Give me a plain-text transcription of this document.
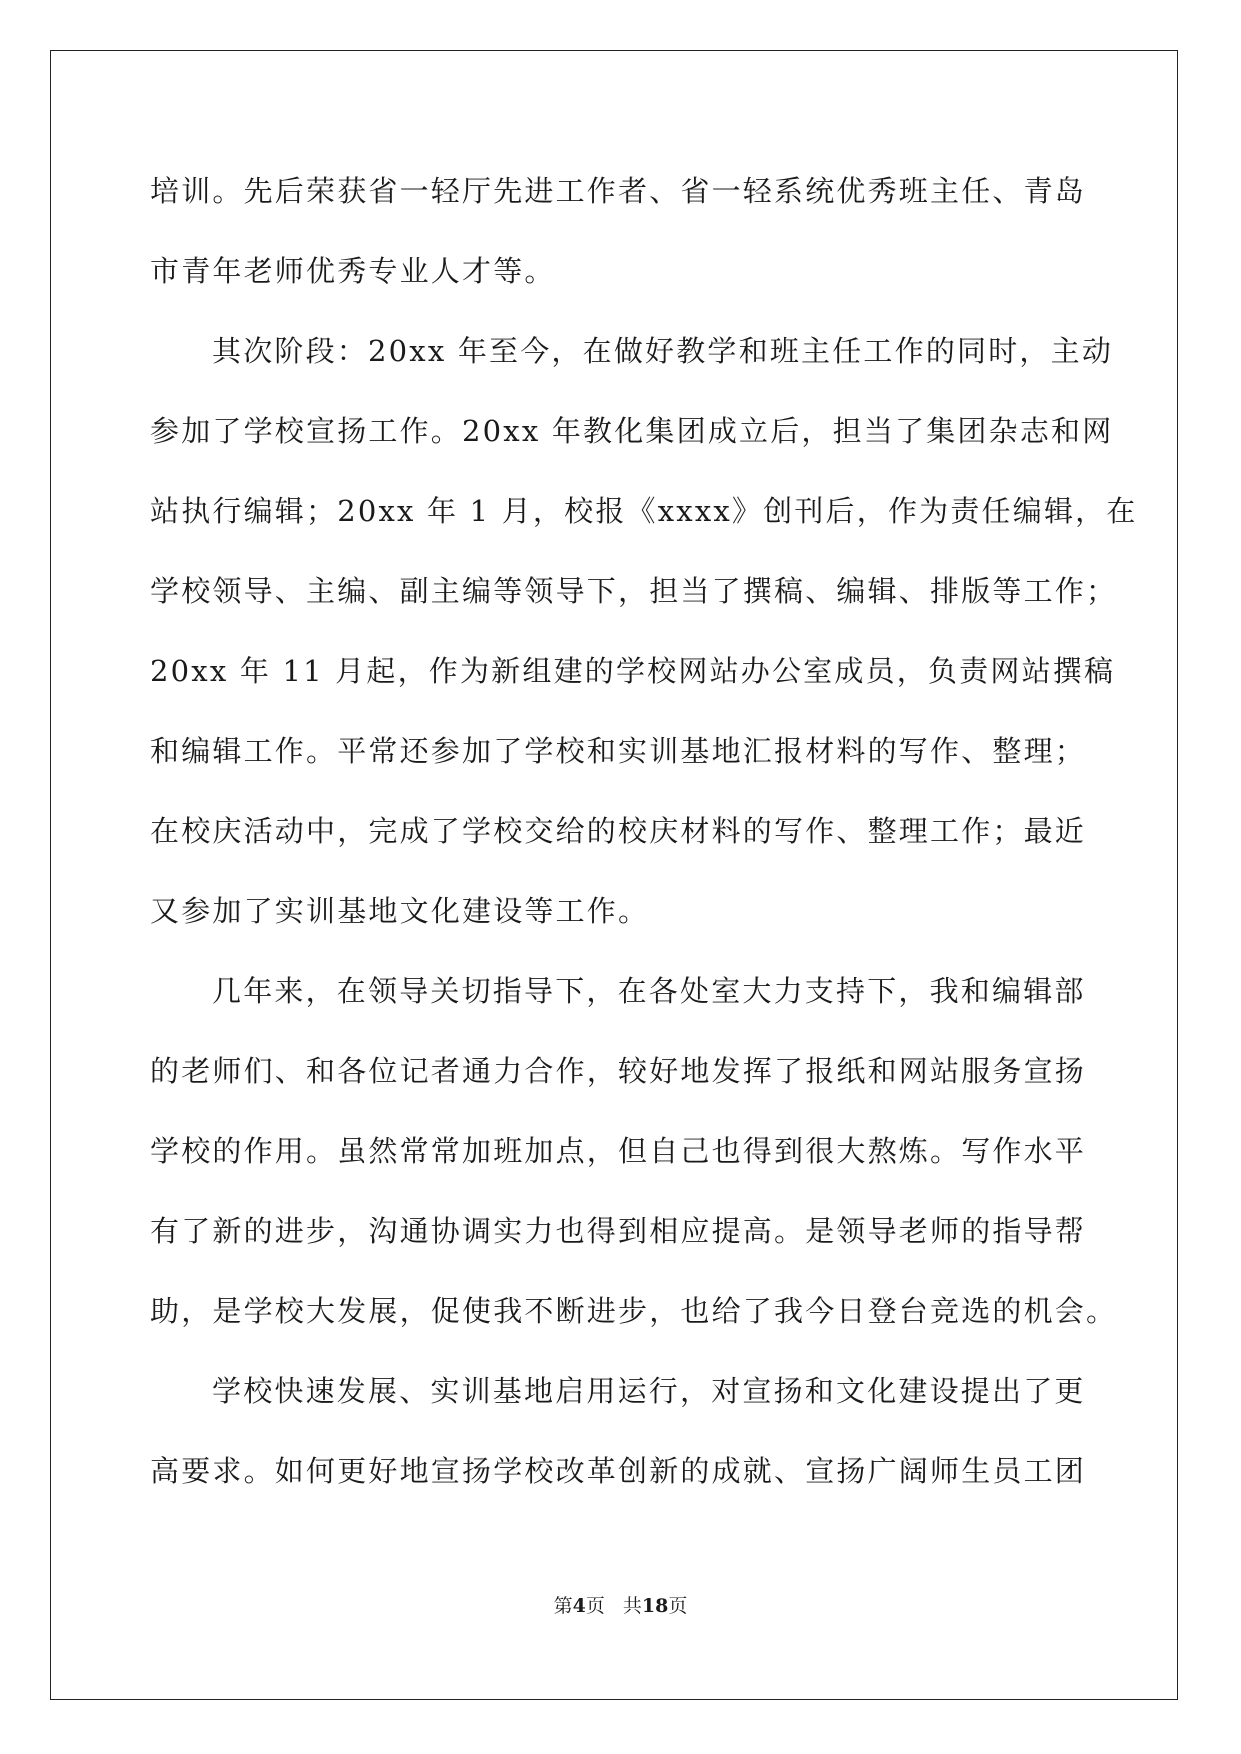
培训。先后荣获省一轻厅先进工作者、省一轻系统优秀班主任、青岛
市青年老师优秀专业人才等。
其次阶段：20xx 年至今，在做好教学和班主任工作的同时，主动
参加了学校宣扬工作。20xx 年教化集团成立后，担当了集团杂志和网
站执行编辑；20xx 年 1 月，校报《xxxx》创刊后，作为责任编辑，在
学校领导、主编、副主编等领导下，担当了撰稿、编辑、排版等工作；
20xx 年 11 月起，作为新组建的学校网站办公室成员，负责网站撰稿
和编辑工作。平常还参加了学校和实训基地汇报材料的写作、整理；
在校庆活动中，完成了学校交给的校庆材料的写作、整理工作；最近
又参加了实训基地文化建设等工作。
几年来，在领导关切指导下，在各处室大力支持下，我和编辑部
的老师们、和各位记者通力合作，较好地发挥了报纸和网站服务宣扬
学校的作用。虽然常常加班加点，但自己也得到很大熬炼。写作水平
有了新的进步，沟通协调实力也得到相应提高。是领导老师的指导帮
助，是学校大发展，促使我不断进步，也给了我今日登台竞选的机会。
学校快速发展、实训基地启用运行，对宣扬和文化建设提出了更
高要求。如何更好地宣扬学校改革创新的成就、宣扬广阔师生员工团
第4页 共18页
